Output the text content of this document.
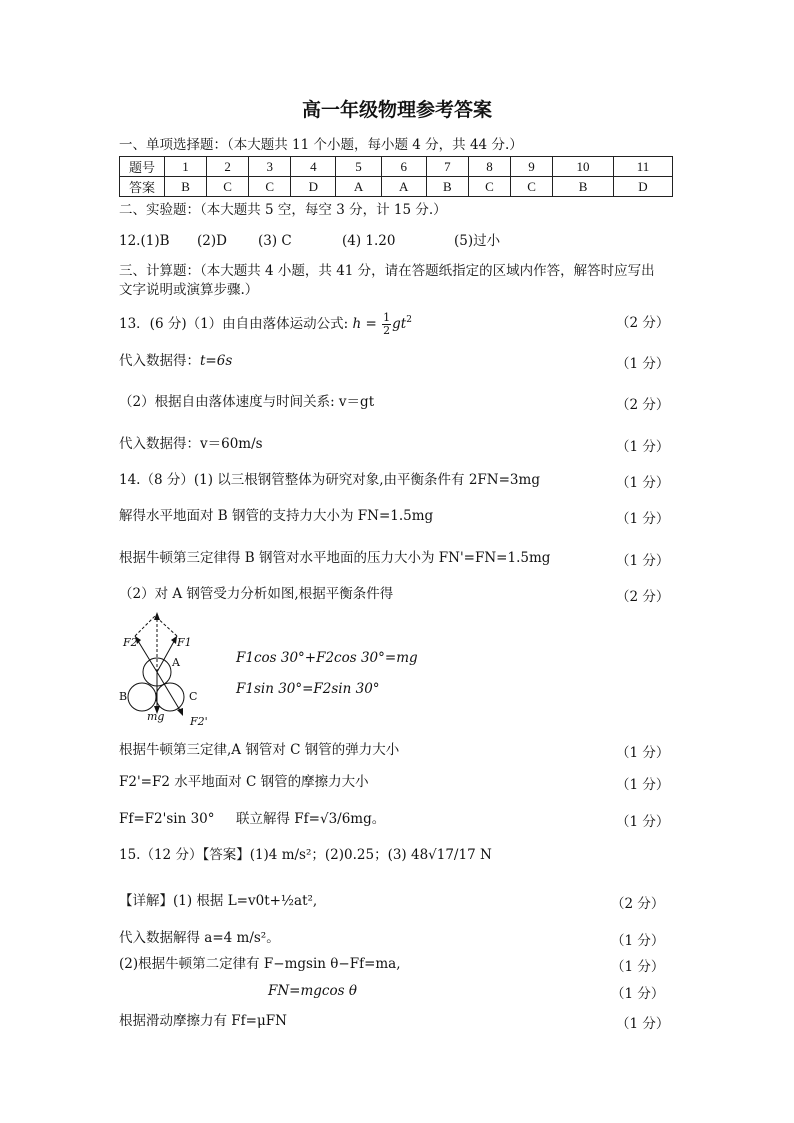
高一年级物理参考答案
一、单项选择题：（本大题共 11 个小题，每小题 4 分，共 44 分.）
题号	1	2	3	4	5	6	7	8	9	10	11
答案	B	C	C	D	A	A	B	C	C	B	D
二、实验题：（本大题共 5 空，每空 3 分，计 15 分.）
12.(1)B (2)D (3) C	(4) 1.20	(5)过小
三、计算题：（本大题共 4 小题，共 41 分，请在答题纸指定的区域内作答，解答时应写出
文字说明或演算步骤.）
13．(6 分)（1）由自由落体运动公式: $h = \frac{1}{2} gt^2$	（2 分）
代入数据得：t=6s	（1 分）
（2）根据自由落体速度与时间关系: v＝gt	（2 分）
代入数据得：v＝60m/s	（1 分）
14.（8 分）(1) 以三根钢管整体为研究对象,由平衡条件有 2FN=3mg	（1 分）
解得水平地面对 B 钢管的支持力大小为 FN=1.5mg	（1 分）
根据牛顿第三定律得 B 钢管对水平地面的压力大小为 FN'=FN=1.5mg	（1 分）
（2）对 A 钢管受力分析如图,根据平衡条件得	（2 分）
F2	F1
A
B	C
mg F2'
F1cos 30°+F2cos 30°=mg
F1sin 30°=F2sin 30°
根据牛顿第三定律,A 钢管对 C 钢管的弹力大小	（1 分）
F2'=F2 水平地面对 C 钢管的摩擦力大小	（1 分）
Ff=F2'sin 30° 联立解得 Ff=√3/6mg。	（1 分）
15.（12 分）【答案】(1)4 m/s²；(2)0.25；(3) 48√17/17 N
【详解】(1) 根据 L=v0t+½at²,	（2 分）
代入数据解得 a=4 m/s²。	（1 分）
(2)根据牛顿第二定律有 F−mgsin θ−Ff=ma,	（1 分）
FN=mgcos θ	（1 分）
根据滑动摩擦力有 Ff=μFN	（1 分）
